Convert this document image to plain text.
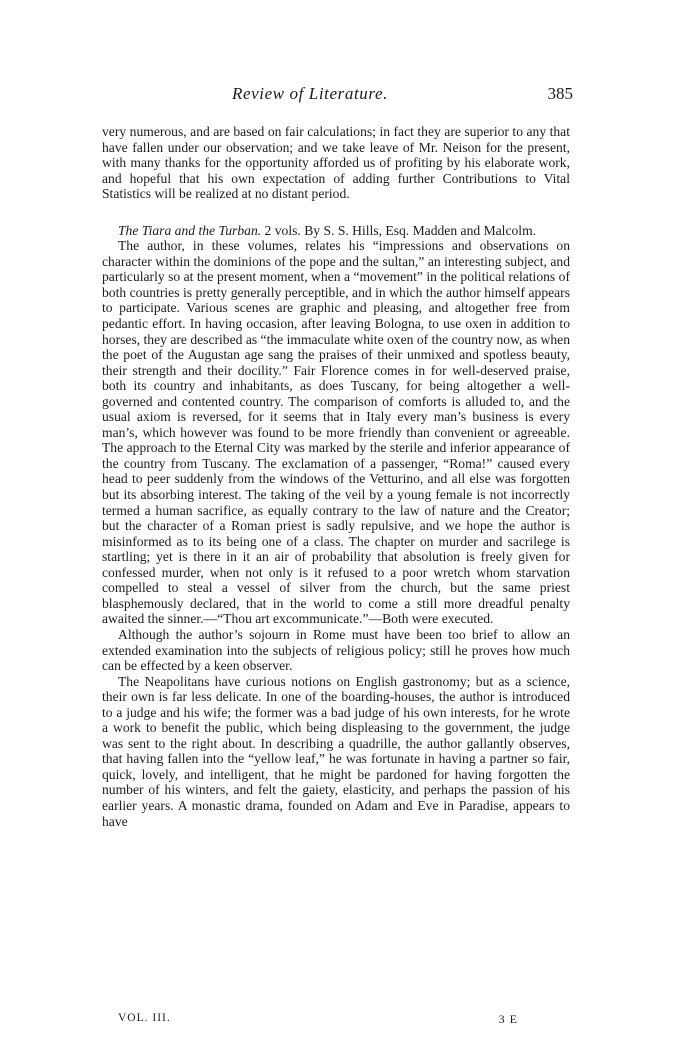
Review of Literature.	385

very numerous, and are based on fair calculations; in fact they are superior to any that have fallen under our observation; and we take leave of Mr. Neison for the present, with many thanks for the opportunity afforded us of profiting by his elaborate work, and hopeful that his own expectation of adding further Contributions to Vital Statistics will be realized at no distant period.

The Tiara and the Turban. 2 vols. By S. S. Hills, Esq. Madden and Malcolm.

The author, in these volumes, relates his “impressions and observations on character within the dominions of the pope and the sultan,” an interesting subject, and particularly so at the present moment, when a “movement” in the political relations of both countries is pretty generally perceptible, and in which the author himself appears to participate. Various scenes are graphic and pleasing, and altogether free from pedantic effort. In having occasion, after leaving Bologna, to use oxen in addition to horses, they are described as “the immaculate white oxen of the country now, as when the poet of the Augustan age sang the praises of their unmixed and spotless beauty, their strength and their docility.” Fair Florence comes in for well-deserved praise, both its country and inhabitants, as does Tuscany, for being altogether a well-governed and contented country. The comparison of comforts is alluded to, and the usual axiom is reversed, for it seems that in Italy every man’s business is every man’s, which however was found to be more friendly than convenient or agreeable. The approach to the Eternal City was marked by the sterile and inferior appearance of the country from Tuscany. The exclamation of a passenger, “Roma!” caused every head to peer suddenly from the windows of the Vetturino, and all else was forgotten but its absorbing interest. The taking of the veil by a young female is not incorrectly termed a human sacrifice, as equally contrary to the law of nature and the Creator; but the character of a Roman priest is sadly repulsive, and we hope the author is misinformed as to its being one of a class. The chapter on murder and sacrilege is startling; yet is there in it an air of probability that absolution is freely given for confessed murder, when not only is it refused to a poor wretch whom starvation compelled to steal a vessel of silver from the church, but the same priest blasphemously declared, that in the world to come a still more dreadful penalty awaited the sinner.—“Thou art excommunicate.”—Both were executed.

Although the author’s sojourn in Rome must have been too brief to allow an extended examination into the subjects of religious policy; still he proves how much can be effected by a keen observer.

The Neapolitans have curious notions on English gastronomy; but as a science, their own is far less delicate. In one of the boarding-houses, the author is introduced to a judge and his wife; the former was a bad judge of his own interests, for he wrote a work to benefit the public, which being displeasing to the government, the judge was sent to the right about. In describing a quadrille, the author gallantly observes, that having fallen into the “yellow leaf,” he was fortunate in having a partner so fair, quick, lovely, and intelligent, that he might be pardoned for having forgotten the number of his winters, and felt the gaiety, elasticity, and perhaps the passion of his earlier years. A monastic drama, founded on Adam and Eve in Paradise, appears to have

VOL. III.	3 E
